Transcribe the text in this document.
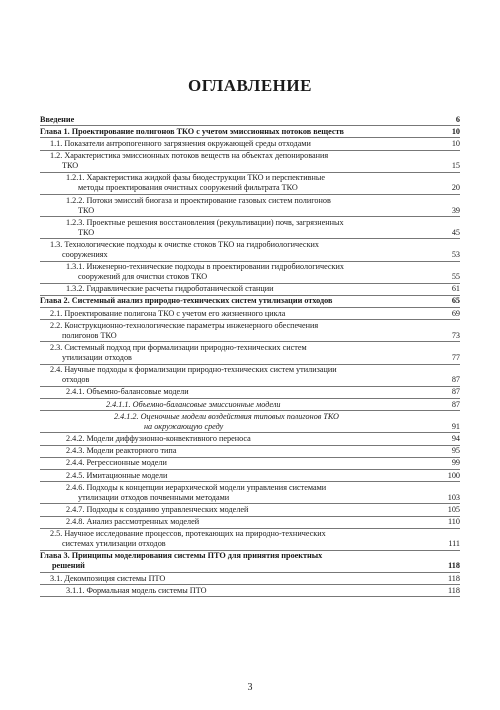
ОГЛАВЛЕНИЕ
Введение	6
Глава 1. Проектирование полигонов ТКО с учетом эмиссионных потоков веществ	10
1.1. Показатели антропогенного загрязнения окружающей среды отходами	10
1.2. Характеристика эмиссионных потоков веществ на объектах депонирования
ТКО	15
1.2.1. Характеристика жидкой фазы биодеструкции ТКО и перспективные
методы проектирования очистных сооружений фильтрата ТКО	20
1.2.2. Потоки эмиссий биогаза и проектирование газовых систем полигонов
ТКО	39
1.2.3. Проектные решения восстановления (рекультивации) почв, загрязненных
ТКО	45
1.3. Технологические подходы к очистке стоков ТКО на гидробиологических
сооружениях	53
1.3.1. Инженерно-технические подходы в проектировании гидробиологических
сооружений для очистки стоков ТКО	55
1.3.2. Гидравлические расчеты гидроботанической станции	61
Глава 2. Системный анализ природно-технических систем утилизации отходов	65
2.1. Проектирование полигона ТКО с учетом его жизненного цикла	69
2.2. Конструкционно-технологические параметры инженерного обеспечения
полигонов ТКО	73
2.3. Системный подход при формализации природно-технических систем
утилизации отходов	77
2.4. Научные подходы к формализации природно-технических систем утилизации
отходов	87
2.4.1. Объемно-балансовые модели	87
2.4.1.1. Объемно-балансовые эмиссионные модели	87
2.4.1.2. Оценочные модели воздействия типовых полигонов ТКО
на окружающую среду	91
2.4.2. Модели диффузионно-конвективного переноса	94
2.4.3. Модели реакторного типа	95
2.4.4. Регрессионные модели	99
2.4.5. Имитационные модели	100
2.4.6. Подходы к концепции иерархической модели управления системами
утилизации отходов почвенными методами	103
2.4.7. Подходы к созданию управленческих моделей	105
2.4.8. Анализ рассмотренных моделей	110
2.5. Научное исследование процессов, протекающих на природно-технических
системах утилизации отходов	111
Глава 3. Принципы моделирования системы ПТО для принятия проектных
решений	118
3.1. Декомпозиция системы ПТО	118
3.1.1. Формальная модель системы ПТО	118
3
